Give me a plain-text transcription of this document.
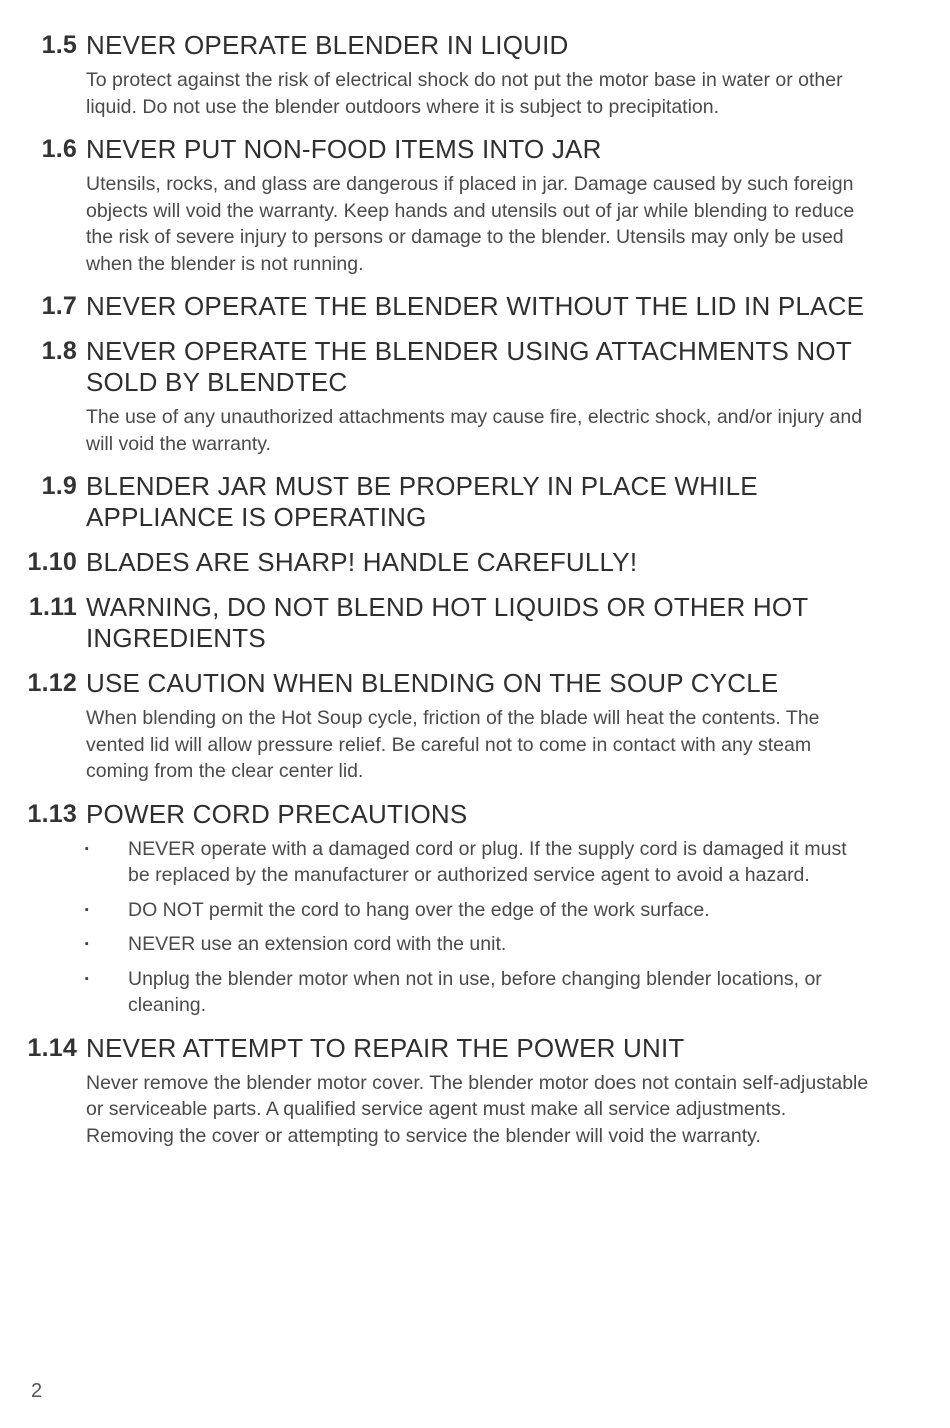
1.5 NEVER OPERATE BLENDER IN LIQUID

To protect against the risk of electrical shock do not put the motor base in water or other liquid. Do not use the blender outdoors where it is subject to precipitation.

1.6 NEVER PUT NON-FOOD ITEMS INTO JAR

Utensils, rocks, and glass are dangerous if placed in jar. Damage caused by such foreign objects will void the warranty. Keep hands and utensils out of jar while blending to reduce the risk of severe injury to persons or damage to the blender. Utensils may only be used when the blender is not running.

1.7 NEVER OPERATE THE BLENDER WITHOUT THE LID IN PLACE
1.8 NEVER OPERATE THE BLENDER USING ATTACHMENTS NOT SOLD BY BLENDTEC

The use of any unauthorized attachments may cause fire, electric shock, and/or injury and will void the warranty.

1.9 BLENDER JAR MUST BE PROPERLY IN PLACE WHILE APPLIANCE IS OPERATING
1.10 BLADES ARE SHARP! HANDLE CAREFULLY!
1.11 WARNING, DO NOT BLEND HOT LIQUIDS OR OTHER HOT INGREDIENTS
1.12 USE CAUTION WHEN BLENDING ON THE SOUP CYCLE

When blending on the Hot Soup cycle, friction of the blade will heat the contents. The vented lid will allow pressure relief. Be careful not to come in contact with any steam coming from the clear center lid.

1.13 POWER CORD PRECAUTIONS
· NEVER operate with a damaged cord or plug. If the supply cord is damaged it must be replaced by the manufacturer or authorized service agent to avoid a hazard.
· DO NOT permit the cord to hang over the edge of the work surface.
· NEVER use an extension cord with the unit.
· Unplug the blender motor when not in use, before changing blender locations, or cleaning.
1.14 NEVER ATTEMPT TO REPAIR THE POWER UNIT

Never remove the blender motor cover. The blender motor does not contain self-adjustable or serviceable parts. A qualified service agent must make all service adjustments. Removing the cover or attempting to service the blender will void the warranty.

2
